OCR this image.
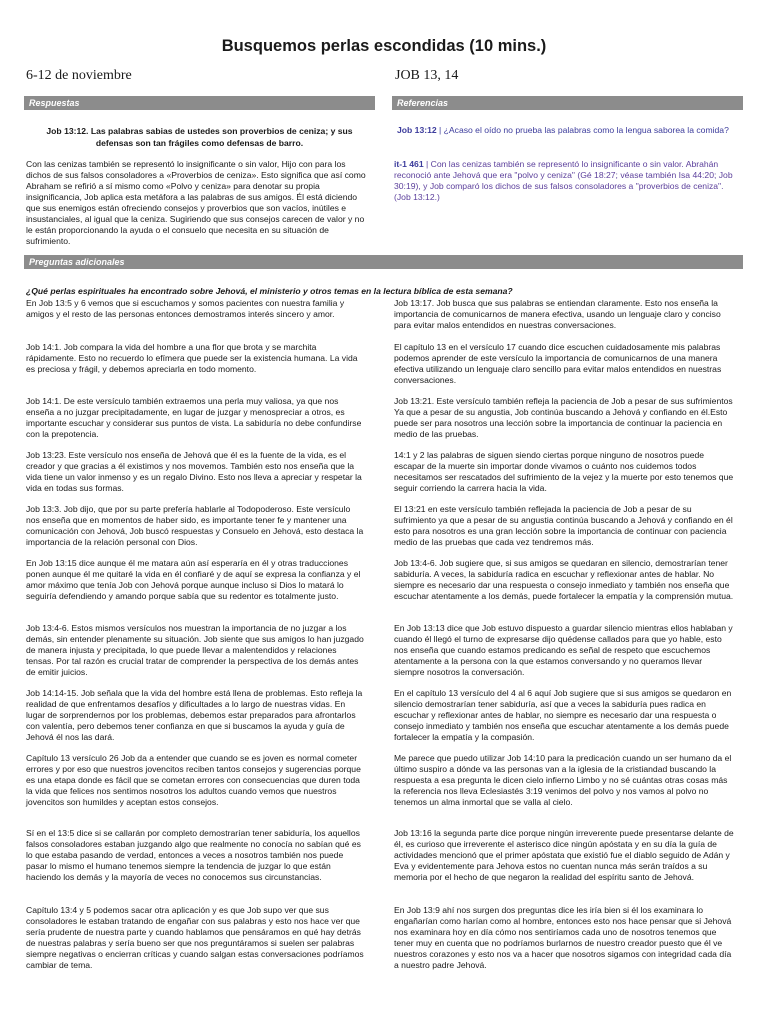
Busquemos perlas escondidas (10 mins.)
6-12 de noviembre	JOB 13, 14
Respuestas	Referencias
Job 13:12. Las palabras sabias de ustedes son proverbios de ceniza; y sus defensas son tan frágiles como defensas de barro.
Con las cenizas también se representó lo insignificante o sin valor, Hijo con para los dichos de sus falsos consoladores a «Proverbios de ceniza». Esto significa que así como Abraham se refirió a sí mismo como «Polvo y ceniza» para denotar su propia insignificancia, Job aplica esta metáfora a las palabras de sus amigos. Él está diciendo que sus enemigos están ofreciendo consejos y proverbios que son vacíos, inútiles e insustanciales, al igual que la ceniza. Sugiriendo que sus consejos carecen de valor y no le están proporcionando la ayuda o el consuelo que necesita en su situación de sufrimiento.
Job 13:12 | ¿Acaso el oído no prueba las palabras como la lengua saborea la comida?
it-1 461 | Con las cenizas también se representó lo insignificante o sin valor. Abrahán reconoció ante Jehová que era "polvo y ceniza" (Gé 18:27; véase también Isa 44:20; Job 30:19), y Job comparó los dichos de sus falsos consoladores a "proverbios de ceniza". (Job 13:12.)
Preguntas adicionales
¿Qué perlas espirituales ha encontrado sobre Jehová, el ministerio y otros temas en la lectura bíblica de esta semana?

En Job 13:5 y 6 vemos que si escuchamos y somos pacientes con nuestra familia y amigos y el resto de las personas entonces demostramos interés sincero y amor.

Job 14:1. Job compara la vida del hombre a una flor que brota y se marchita rápidamente. Esto no recuerdo lo efímera que puede ser la existencia humana. La vida es preciosa y frágil, y debemos apreciarla en todo momento.

Job 14:1. De este versículo también extraemos una perla muy valiosa, ya que nos enseña a no juzgar precipitadamente, en lugar de juzgar y menospreciar a otros, es importante escuchar y considerar sus puntos de vista. La sabiduría no debe confundirse con la prepotencia.

Job 13:23. Este versículo nos enseña de Jehová que él es la fuente de la vida, es el creador y que gracias a él existimos y nos movemos. También esto nos enseña que la vida tiene un valor inmenso y es un regalo Divino. Esto nos lleva a apreciar y respetar la vida en todas sus formas.

Job 13:3. Job dijo, que por su parte prefería hablarle al Todopoderoso. Este versículo nos enseña que en momentos de haber sido, es importante tener fe y mantener una comunicación con Jehová, Job buscó respuestas y Consuelo en Jehová, esto destaca la importancia de la relación personal con Dios.

En Job 13:15 dice aunque él me matara aún así esperaría en él y otras traducciones ponen aunque él me quitaré la vida en él confiaré y de aquí se expresa la confianza y el amor máximo que tenía Job con Jehová porque aunque incluso si Dios lo matará lo seguiría defendiendo y amando porque sabía que su redentor es totalmente justo.

Job 13:4-6. Estos mismos versículos nos muestran la importancia de no juzgar a los demás, sin entender plenamente su situación. Job siente que sus amigos lo han juzgado de manera injusta y precipitada, lo que puede llevar a malentendidos y relaciones tensas. Por tal razón es crucial tratar de comprender la perspectiva de los demás antes de emitir juicios.

Job 14:14-15. Job señala que la vida del hombre está llena de problemas. Esto refleja la realidad de que enfrentamos desafíos y dificultades a lo largo de nuestras vidas. En lugar de sorprendernos por los problemas, debemos estar preparados para afrontarlos con valentía, pero debemos tener confianza en que si buscamos la ayuda y guía de Jehová él nos las dará.

Capítulo 13 versículo 26 Job da a entender que cuando se es joven es normal cometer errores y por eso que nuestros jovencitos reciben tantos consejos y sugerencias porque es una etapa donde es fácil que se cometan errores con consecuencias que duren toda la vida que felices nos sentimos nosotros los adultos cuando vemos que nuestros jovencitos son humildes y aceptan estos consejos.

Sí en el 13:5 dice si se callarán por completo demostrarían tener sabiduría, los aquellos falsos consoladores estaban juzgando algo que realmente no conocía no sabían qué es lo que estaba pasando de verdad, entonces a veces a nosotros también nos puede pasar lo mismo el humano tenemos siempre la tendencia de juzgar lo que están haciendo los demás y la mayoría de veces no conocemos sus circunstancias.

Capítulo 13:4 y 5 podemos sacar otra aplicación y es que Job supo ver que sus consoladores le estaban tratando de engañar con sus palabras y esto nos hace ver que sería prudente de nuestra parte y cuando hablamos que pensáramos en qué hay detrás de nuestras palabras y sería bueno ser que nos preguntáramos si suelen ser palabras siempre negativas o encierran críticas y cuando salgan estas conversaciones podríamos cambiar de tema.

Job 13:17. Job busca que sus palabras se entiendan claramente. Esto nos enseña la importancia de comunicarnos de manera efectiva, usando un lenguaje claro y conciso para evitar malos entendidos en nuestras conversaciones.

El capítulo 13 en el versículo 17 cuando dice escuchen cuidadosamente mis palabras podemos aprender de este versículo la importancia de comunicarnos de una manera efectiva utilizando un lenguaje claro sencillo para evitar malos entendidos en nuestras conversaciones.

Job 13:21. Este versículo también refleja la paciencia de Job a pesar de sus sufrimientos Ya que a pesar de su angustia, Job continúa buscando a Jehová y confiando en él.Esto puede ser para nosotros una lección sobre la importancia de continuar la paciencia en medio de las pruebas.

14:1 y 2 las palabras de siguen siendo ciertas porque ninguno de nosotros puede escapar de la muerte sin importar donde vivamos o cuánto nos cuidemos todos necesitamos ser rescatados del sufrimiento de la vejez y la muerte por esto tenemos que seguir corriendo la carrera hacia la vida.

El 13:21 en este versículo también reflejada la paciencia de Job a pesar de su sufrimiento ya que a pesar de su angustia continúa buscando a Jehová y confiando en él esto para nosotros es una gran lección sobre la importancia de continuar con paciencia medio de las pruebas que cada vez tendremos más.

Job 13:4-6. Job sugiere que, si sus amigos se quedaran en silencio, demostrarían tener sabiduría. A veces, la sabiduría radica en escuchar y reflexionar antes de hablar. No siempre es necesario dar una respuesta o consejo inmediato y también nos enseña que escuchar atentamente a los demás, puede fortalecer la empatía y la comprensión mutua.

En Job 13:13 dice que Job estuvo dispuesto a guardar silencio mientras ellos hablaban y cuando él llegó el turno de expresarse dijo quédense callados para que yo hable, esto nos enseña que cuando estamos predicando es señal de respeto que escuchemos atentamente a la persona con la que estamos conversando y no queramos llevar siempre nosotros la conversación.

En el capítulo 13 versículo del 4 al 6 aquí Job sugiere que si sus amigos se quedaron en silencio demostrarían tener sabiduría, así que a veces la sabiduría pues radica en escuchar y reflexionar antes de hablar, no siempre es necesario dar una respuesta o consejo inmediato y también nos enseña que escuchar atentamente a los demás puede fortalecer la empatía y la compasión.

Me parece que puedo utilizar Job 14:10 para la predicación cuando un ser humano da el último suspiro a dónde va las personas van a la iglesia de la cristiandad buscando la respuesta a esa pregunta le dicen cielo infierno Limbo y no sé cuántas otras cosas más la referencia nos lleva Eclesiastés 3:19 venimos del polvo y nos vamos al polvo no tenemos un alma inmortal que se valla al cielo.

Job 13:16 la segunda parte dice porque ningún irreverente puede presentarse delante de él, es curioso que irreverente el asterisco dice ningún apóstata y en su día la guía de actividades mencionó que el primer apóstata que existió fue el diablo seguido de Adán y Eva y evidentemente para Jehova estos no cuentan nunca más serán traídos a su memoria por el hecho de que negaron la realidad del espíritu santo de Jehová.

En Job 13:9 ahí nos surgen dos preguntas dice les iría bien si él los examinara lo engañarían como harían como al hombre, entonces esto nos hace pensar que si Jehová nos examinara hoy en día cómo nos sentiríamos cada uno de nosotros tenemos que tener muy en cuenta que no podríamos burlarnos de nuestro creador puesto que él ve nuestros corazones y esto nos va a hacer que nosotros sigamos con integridad cada día a nuestro padre Jehová.
